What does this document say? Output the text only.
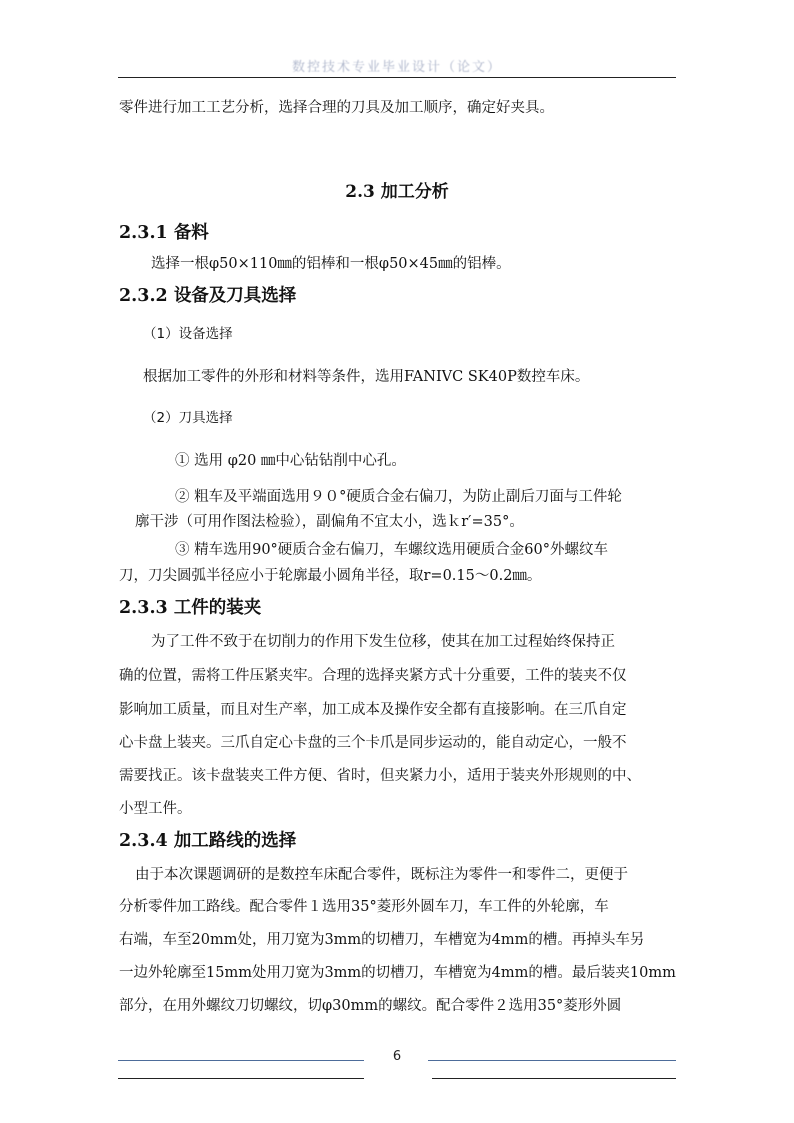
数控技术专业毕业设计（论文）
零件进行加工工艺分析，选择合理的刀具及加工顺序，确定好夹具。
2.3 加工分析
2.3.1 备料
选择一根φ50×110㎜的铝棒和一根φ50×45㎜的铝棒。
2.3.2 设备及刀具选择
（1）设备选择
根据加工零件的外形和材料等条件，选用FANIVC SK40P数控车床。
（2）刀具选择
① 选用 φ20 ㎜中心钻钻削中心孔。
② 粗车及平端面选用９０°硬质合金右偏刀，为防止副后刀面与工件轮
廓干涉（可用作图法检验），副偏角不宜太小，选ｋr′=35°。
③ 精车选用90°硬质合金右偏刀，车螺纹选用硬质合金60°外螺纹车
刀，刀尖圆弧半径应小于轮廓最小圆角半径，取r=0.15～0.2㎜。
2.3.3 工件的装夹
为了工件不致于在切削力的作用下发生位移，使其在加工过程始终保持正
确的位置，需将工件压紧夹牢。合理的选择夹紧方式十分重要，工件的装夹不仅
影响加工质量，而且对生产率，加工成本及操作安全都有直接影响。在三爪自定
心卡盘上装夹。三爪自定心卡盘的三个卡爪是同步运动的，能自动定心，一般不
需要找正。该卡盘装夹工件方便、省时，但夹紧力小，适用于装夹外形规则的中、
小型工件。
2.3.4 加工路线的选择
由于本次课题调研的是数控车床配合零件，既标注为零件一和零件二，更便于
分析零件加工路线。配合零件１选用35°菱形外圆车刀，车工件的外轮廓，车
右端，车至20mm处，用刀宽为3mm的切槽刀，车槽宽为4mm的槽。再掉头车另
一边外轮廓至15mm处用刀宽为3mm的切槽刀，车槽宽为4mm的槽。最后装夹10mm
部分，在用外螺纹刀切螺纹，切φ30mm的螺纹。配合零件２选用35°菱形外圆
6
